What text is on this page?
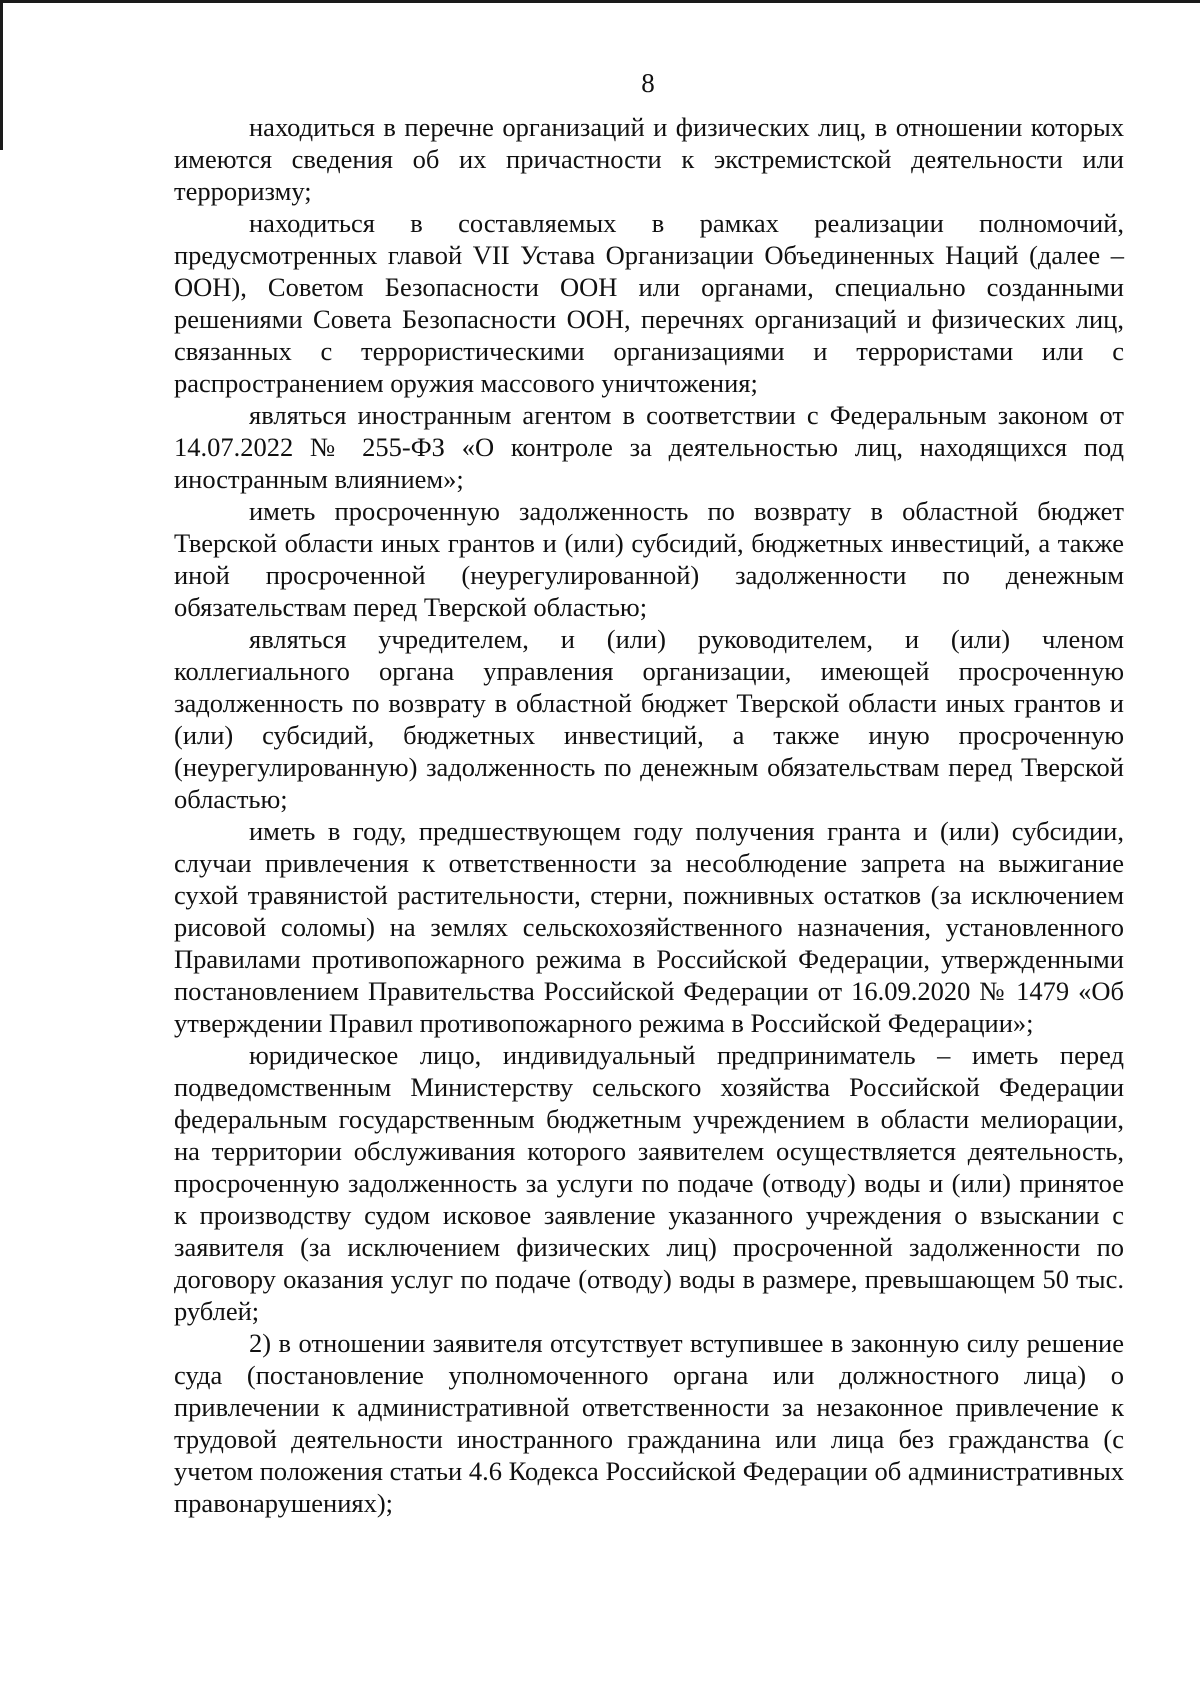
8

находиться в перечне организаций и физических лиц, в отношении которых имеются сведения об их причастности к экстремистской деятельности или терроризму;

находиться в составляемых в рамках реализации полномочий, предусмотренных главой VII Устава Организации Объединенных Наций (далее – ООН), Советом Безопасности ООН или органами, специально созданными решениями Совета Безопасности ООН, перечнях организаций и физических лиц, связанных с террористическими организациями и террористами или с распространением оружия массового уничтожения;

являться иностранным агентом в соответствии с Федеральным законом от 14.07.2022 № 255-ФЗ «О контроле за деятельностью лиц, находящихся под иностранным влиянием»;

иметь просроченную задолженность по возврату в областной бюджет Тверской области иных грантов и (или) субсидий, бюджетных инвестиций, а также иной просроченной (неурегулированной) задолженности по денежным обязательствам перед Тверской областью;

являться учредителем, и (или) руководителем, и (или) членом коллегиального органа управления организации, имеющей просроченную задолженность по возврату в областной бюджет Тверской области иных грантов и (или) субсидий, бюджетных инвестиций, а также иную просроченную (неурегулированную) задолженность по денежным обязательствам перед Тверской областью;

иметь в году, предшествующем году получения гранта и (или) субсидии, случаи привлечения к ответственности за несоблюдение запрета на выжигание сухой травянистой растительности, стерни, пожнивных остатков (за исключением рисовой соломы) на землях сельскохозяйственного назначения, установленного Правилами противопожарного режима в Российской Федерации, утвержденными постановлением Правительства Российской Федерации от 16.09.2020 № 1479 «Об утверждении Правил противопожарного режима в Российской Федерации»;

юридическое лицо, индивидуальный предприниматель – иметь перед подведомственным Министерству сельского хозяйства Российской Федерации федеральным государственным бюджетным учреждением в области мелиорации, на территории обслуживания которого заявителем осуществляется деятельность, просроченную задолженность за услуги по подаче (отводу) воды и (или) принятое к производству судом исковое заявление указанного учреждения о взыскании с заявителя (за исключением физических лиц) просроченной задолженности по договору оказания услуг по подаче (отводу) воды в размере, превышающем 50 тыс. рублей;

2) в отношении заявителя отсутствует вступившее в законную силу решение суда (постановление уполномоченного органа или должностного лица) о привлечении к административной ответственности за незаконное привлечение к трудовой деятельности иностранного гражданина или лица без гражданства (с учетом положения статьи 4.6 Кодекса Российской Федерации об административных правонарушениях);
